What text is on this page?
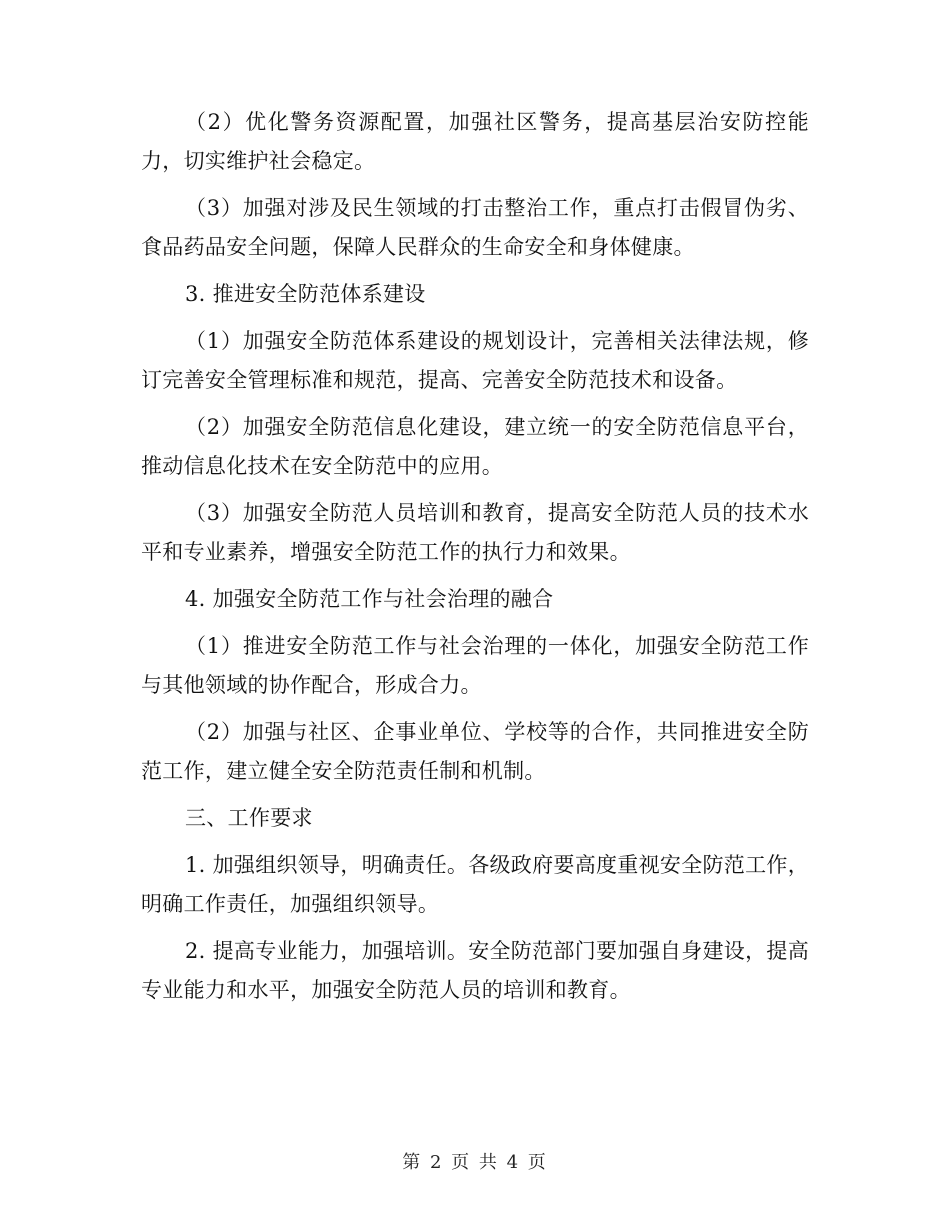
（2）优化警务资源配置，加强社区警务，提高基层治安防控能力，切实维护社会稳定。

（3）加强对涉及民生领域的打击整治工作，重点打击假冒伪劣、食品药品安全问题，保障人民群众的生命安全和身体健康。

3. 推进安全防范体系建设

（1）加强安全防范体系建设的规划设计，完善相关法律法规，修订完善安全管理标准和规范，提高、完善安全防范技术和设备。

（2）加强安全防范信息化建设，建立统一的安全防范信息平台，推动信息化技术在安全防范中的应用。

（3）加强安全防范人员培训和教育，提高安全防范人员的技术水平和专业素养，增强安全防范工作的执行力和效果。

4. 加强安全防范工作与社会治理的融合

（1）推进安全防范工作与社会治理的一体化，加强安全防范工作与其他领域的协作配合，形成合力。

（2）加强与社区、企事业单位、学校等的合作，共同推进安全防范工作，建立健全安全防范责任制和机制。

三、工作要求

1. 加强组织领导，明确责任。各级政府要高度重视安全防范工作，明确工作责任，加强组织领导。

2. 提高专业能力，加强培训。安全防范部门要加强自身建设，提高专业能力和水平，加强安全防范人员的培训和教育。

第 2 页 共 4 页
